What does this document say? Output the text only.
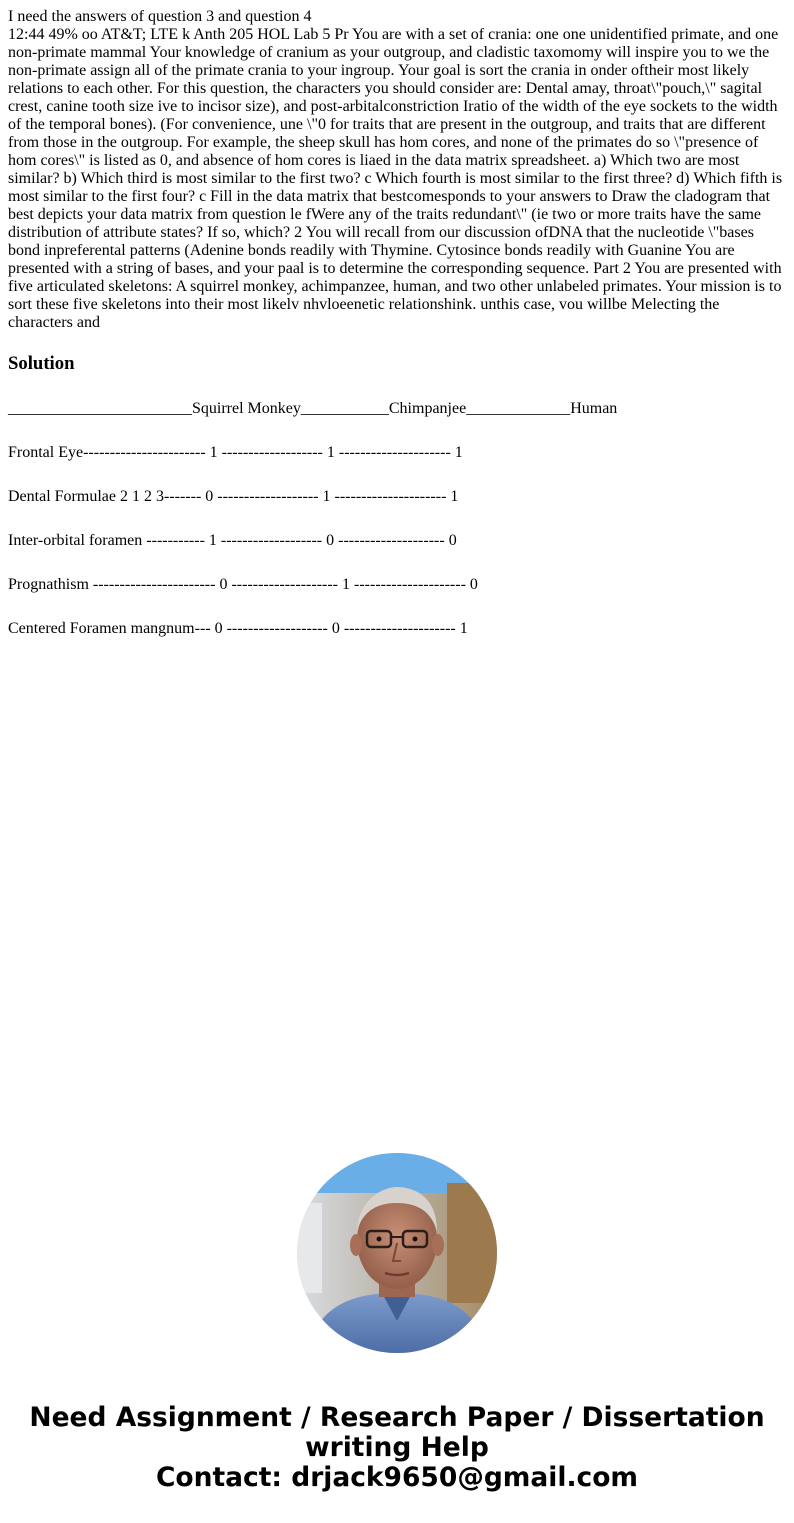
I need the answers of question 3 and question 4
12:44 49% oo AT&T; LTE k Anth 205 HOL Lab 5 Pr You are with a set of crania: one one unidentified primate, and one non-primate mammal Your knowledge of cranium as your outgroup, and cladistic taxomomy will inspire you to we the non-primate assign all of the primate crania to your ingroup. Your goal is sort the crania in onder oftheir most likely relations to each other. For this question, the characters you should consider are: Dental amay, throat\"pouch,\" sagital crest, canine tooth size ive to incisor size), and post-arbitalconstriction Iratio of the width of the eye sockets to the width of the temporal bones). (For convenience, une \"0 for traits that are present in the outgroup, and traits that are different from those in the outgroup. For example, the sheep skull has hom cores, and none of the primates do so \"presence of hom cores\" is listed as 0, and absence of hom cores is liaed in the data matrix spreadsheet. a) Which two are most similar? b) Which third is most similar to the first two? c Which fourth is most similar to the first three? d) Which fifth is most similar to the first four? c Fill in the data matrix that bestcomesponds to your answers to Draw the cladogram that best depicts your data matrix from question le fWere any of the traits redundant\" (ie two or more traits have the same distribution of attribute states? If so, which? 2 You will recall from our discussion ofDNA that the nucleotide \"bases bond inpreferental patterns (Adenine bonds readily with Thymine. Cytosince bonds readily with Guanine You are presented with a string of bases, and your paal is to determine the corresponding sequence. Part 2 You are presented with five articulated skeletons: A squirrel monkey, achimpanzee, human, and two other unlabeled primates. Your mission is to sort these five skeletons into their most likelv nhvloeenetic relationshink. unthis case, vou willbe Melecting the characters and
Solution
_______________________Squirrel Monkey___________Chimpanjee_____________Human
Frontal Eye----------------------- 1 ------------------- 1 --------------------- 1
Dental Formulae 2 1 2 3------- 0 ------------------- 1 --------------------- 1
Inter-orbital foramen ----------- 1 ------------------- 0 -------------------- 0
Prognathism ----------------------- 0 -------------------- 1 --------------------- 0
Centered Foramen mangnum--- 0 ------------------- 0 --------------------- 1
Need Assignment / Research Paper / Dissertation
writing Help
Contact: drjack9650@gmail.com
